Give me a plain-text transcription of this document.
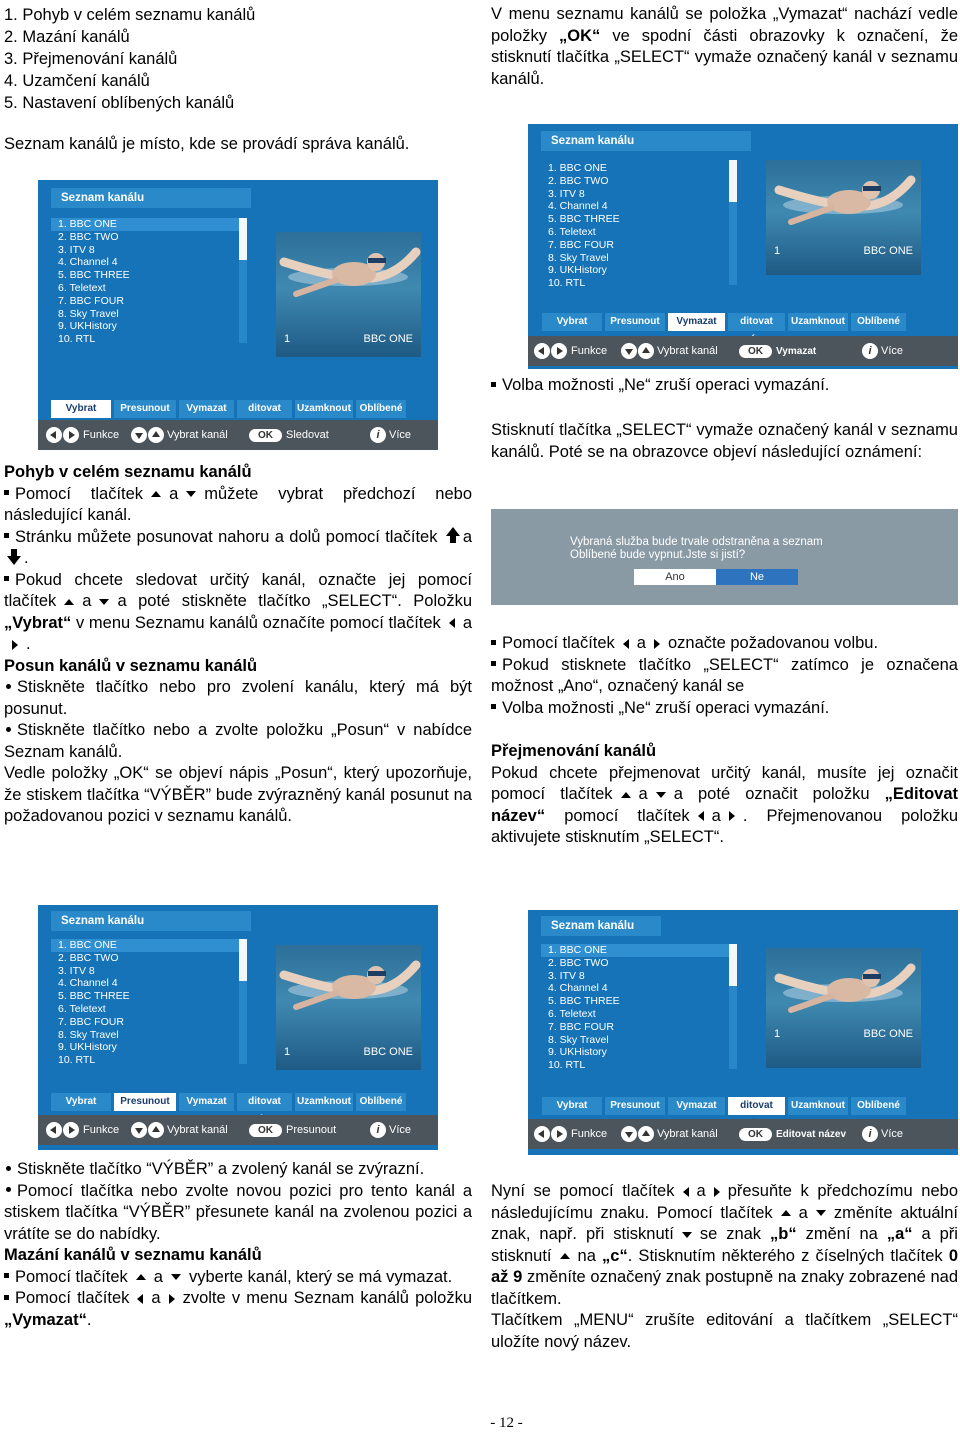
1. Pohyb v celém seznamu kanálů
2. Mazání kanálů
3. Přejmenování kanálů
4. Uzamčení kanálů
5. Nastavení oblíbených kanálů

Seznam kanálů je místo, kde se provádí správa kanálů.

Seznam kanálu
1. BBC ONE
2. BBC TWO
3. ITV 8
4. Channel 4
5. BBC THREE
6. Teletext
7. BBC FOUR
8. Sky Travel
9. UKHistory
10. RTL	1	BBC ONE
Vybrat	Presunout	Vymazat	ditovat	Uzamknout Oblíbené
Funkce	Vybrat kanál	OK	Sledovat	i Více

Pohyb v celém seznamu kanálů

Pomocí tlačítek a můžete vybrat předchozí nebo následující kanál.

Stránku můžete posunovat nahoru a dolů pomocí tlačítek a .

Pokud chcete sledovat určitý kanál, označte jej pomocí tlačítek a a poté stiskněte tlačítko „SELECT“. Položku „Vybrat“ v menu Seznamu kanálů označíte pomocí tlačítek a.

Posun kanálů v seznamu kanálů

Stiskněte tlačítko nebo pro zvolení kanálu, který má být posunut.

Stiskněte tlačítko nebo a zvolte položku „Posun“ v nabídce Seznam kanálů.

Vedle položky „OK“ se objeví nápis „Posun“, který upozorňuje, že stiskem tlačítka “VÝBĚR” bude zvýrazněný kanál posunut na požadovanou pozici v seznamu kanálů.

Seznam kanálu
1. BBC ONE
2. BBC TWO
3. ITV 8
4. Channel 4
5. BBC THREE
6. Teletext
7. BBC FOUR
8. Sky Travel
9. UKHistory
10. RTL
1	BBC ONE
Vybrat	Presunout	Vymazat	ditovat	Uzamknout Oblíbené
Funkce	Vybrat kanál	OK	Presunout	i Více

Stiskněte tlačítko “VÝBĚR” a zvolený kanál se zvýrazní.

Pomocí tlačítka nebo zvolte novou pozici pro tento kanál a stiskem tlačítka “VÝBĚR” přesunete kanál na zvolenou pozici a vrátíte se do nabídky.

Mazání kanálů v seznamu kanálů

Pomocí tlačítek a vyberte kanál, který se má vymazat.

Pomocí tlačítek a zvolte v menu Seznam kanálů položku „Vymazat“.

V menu seznamu kanálů se položka „Vymazat“ nachází vedle položky „OK“ ve spodní části obrazovky k označení, že stisknutí tlačítka „SELECT“ vymaže označený kanál v seznamu kanálů.

Seznam kanálu
1. BBC ONE
2. BBC TWO
3. ITV 8
4. Channel 4
5. BBC THREE
6. Teletext
7. BBC FOUR
8. Sky Travel
9. UKHistory
10. RTL
1	BBC ONE
Vybrat	Presunout	Vymazat	ditovat	Uzamknout	Oblíbené
Funkce	Vybrat kanál	OK	Vymazat	i Více

Volba možnosti „Ne“ zruší operaci vymazání.

Stisknutí tlačítka „SELECT“ vymaže označený kanál v seznamu kanálů. Poté se na obrazovce objeví následující oznámení:

Vybraná služba bude trvale odstraněna a seznam
Oblíbené bude vypnut.Jste si jistí?
Ano	Ne

Pomocí tlačítek a označte požadovanou volbu.

Pokud stisknete tlačítko „SELECT“ zatímco je označena možnost „Ano“, označený kanál se

Volba možnosti „Ne“ zruší operaci vymazání.

Přejmenování kanálů

Pokud chcete přejmenovat určitý kanál, musíte jej označit pomocí tlačítek a a poté označit položku „Editovat název“ pomocí tlačítek a . Přejmenovanou položku aktivujete stisknutím „SELECT“.

Seznam kanálu
1. BBC ONE
2. BBC TWO
3. ITV 8
4. Channel 4
5. BBC THREE
6. Teletext
7. BBC FOUR
8. Sky Travel
9. UKHistory
10. RTL
1	BBC ONE
Vybrat	Presunout	Vymazat	ditovat	Uzamknout	Oblíbené
Funkce	Vybrat kanál	OK	Editovat název	i Více

Nyní se pomocí tlačítek a přesuňte k předchozímu nebo následujícímu znaku. Pomocí tlačítek a změníte aktuální znak, např. při stisknutí se znak „b“ změní na „a“ a při stisknutí na „c“. Stisknutím některého z číselných tlačítek 0 až 9 změníte označený znak postupně na znaky zobrazené nad tlačítkem.

Tlačítkem „MENU“ zrušíte editování a tlačítkem „SELECT“ uložíte nový název.

- 12 -
